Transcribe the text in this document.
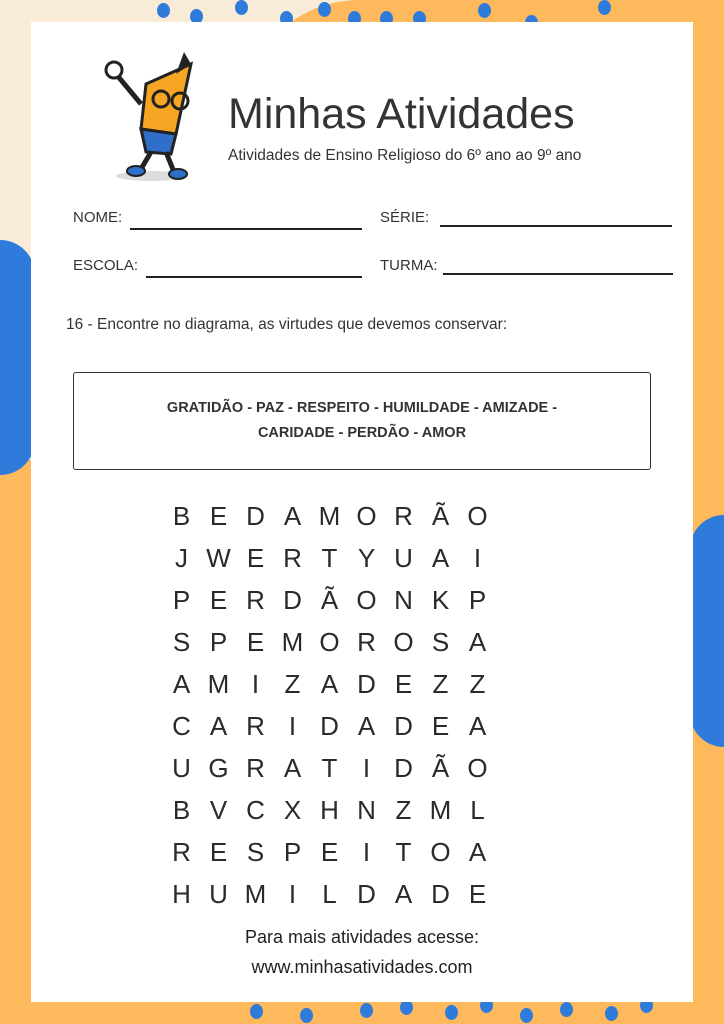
Minhas Atividades
Atividades de Ensino Religioso do 6º ano ao 9º ano
NOME:	SÉRIE:
ESCOLA:	TURMA:
16 - Encontre no diagrama, as virtudes que devemos conservar:
GRATIDÃO - PAZ - RESPEITO - HUMILDADE - AMIZADE -
CARIDADE - PERDÃO - AMOR
B E D A M O R Ã O
J W E R T Y U A I
P E R D Ã O N K P
S P E M O R O S A
A M I Z A D E Z Z
C A R I D A D E A
U G R A T I D Ã O
B V C X H N Z M L
R E S P E I T O A
H U M I	L D A D E
Para mais atividades acesse:
www.minhasatividades.com
